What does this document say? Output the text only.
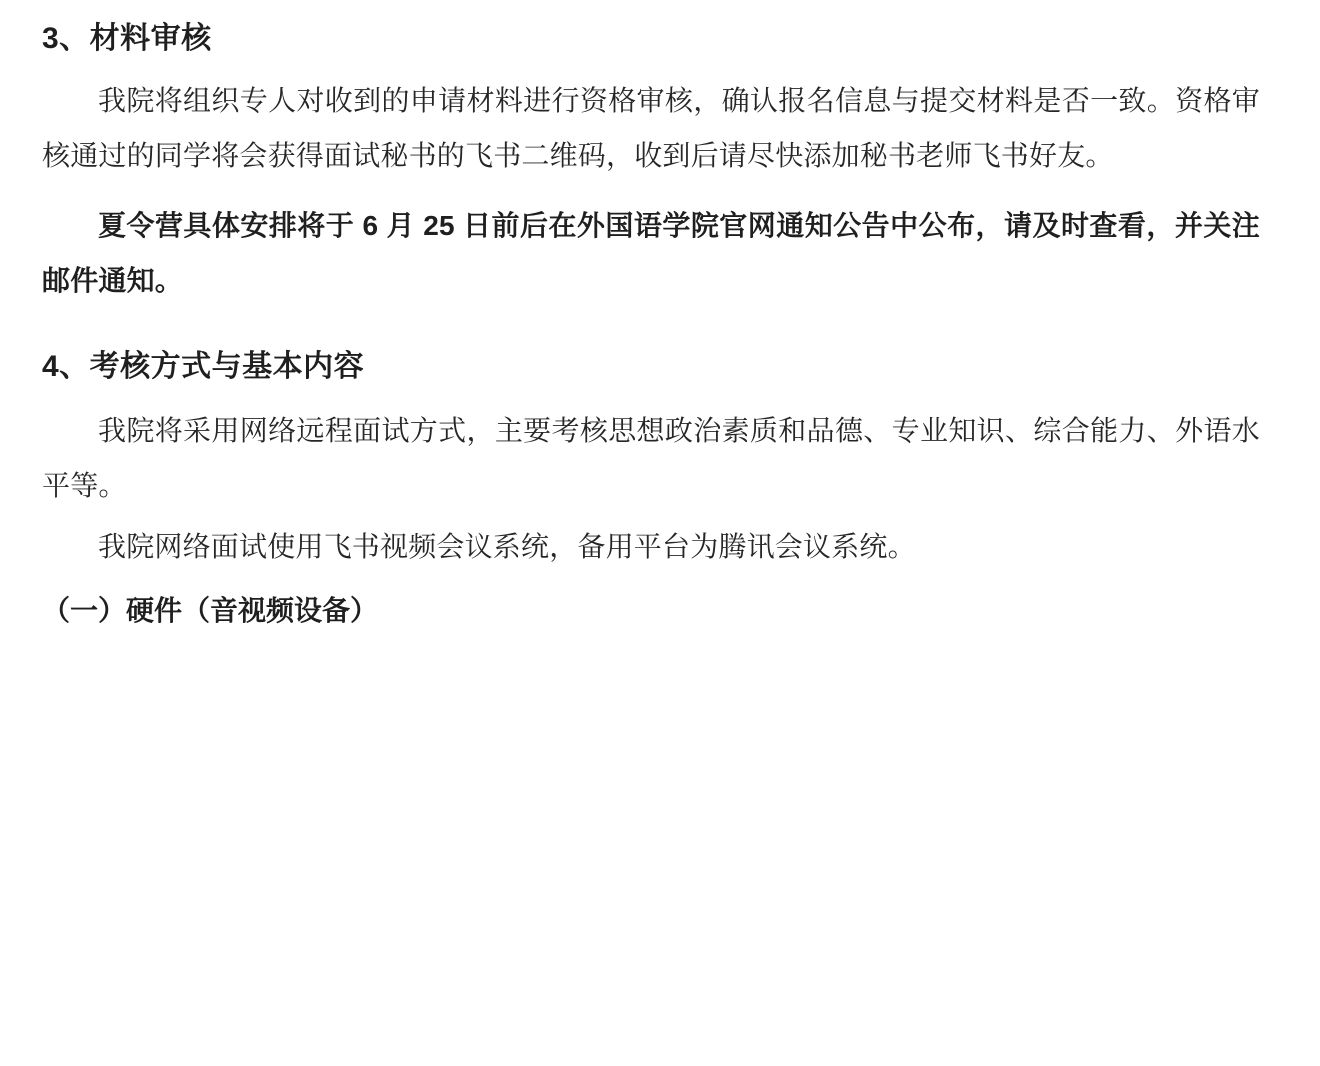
3、材料审核

我院将组织专人对收到的申请材料进行资格审核，确认报名信息与提交材料是否一致。资格审核通过的同学将会获得面试秘书的飞书二维码，收到后请尽快添加秘书老师飞书好友。

夏令营具体安排将于 6 月 25 日前后在外国语学院官网通知公告中公布，请及时查看，并关注邮件通知。

4、考核方式与基本内容

我院将采用网络远程面试方式，主要考核思想政治素质和品德、专业知识、综合能力、外语水平等。

我院网络面试使用飞书视频会议系统，备用平台为腾讯会议系统。

（一）硬件（音视频设备）
